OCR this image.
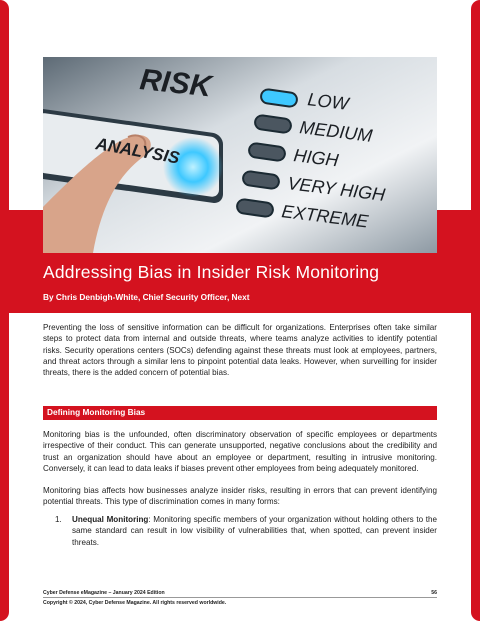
RISK
ANALYSIS
LOW
MEDIUM
HIGH
VERY HIGH
EXTREME
Addressing Bias in Insider Risk Monitoring

By Chris Denbigh-White, Chief Security Officer, Next

Preventing the loss of sensitive information can be difficult for organizations. Enterprises often take similar steps to protect data from internal and outside threats, where teams analyze activities to identify potential risks. Security operations centers (SOCs) defending against these threats must look at employees, partners, and threat actors through a similar lens to pinpoint potential data leaks. However, when surveilling for insider threats, there is the added concern of potential bias.

Defining Monitoring Bias

Monitoring bias is the unfounded, often discriminatory observation of specific employees or departments irrespective of their conduct. This can generate unsupported, negative conclusions about the credibility and trust an organization should have about an employee or department, resulting in intrusive monitoring. Conversely, it can lead to data leaks if biases prevent other employees from being adequately monitored.

Monitoring bias affects how businesses analyze insider risks, resulting in errors that can prevent identifying potential threats. This type of discrimination comes in many forms:

1. Unequal Monitoring: Monitoring specific members of your organization without holding others to the same standard can result in low visibility of vulnerabilities that, when spotted, can prevent insider threats.

Cyber Defense eMagazine – January 2024 Edition	56

Copyright © 2024, Cyber Defense Magazine. All rights reserved worldwide.
